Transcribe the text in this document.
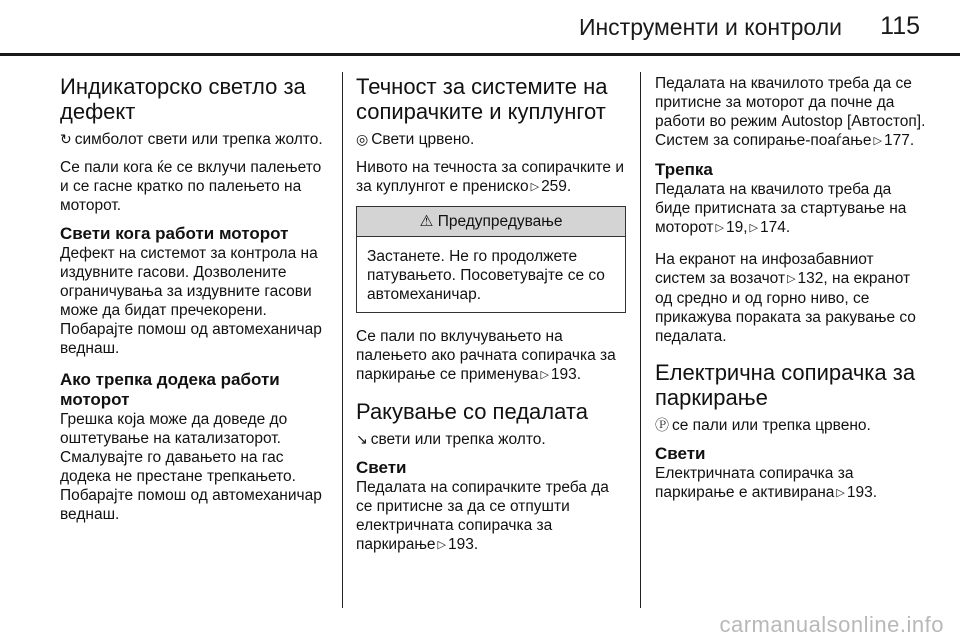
Инструменти и контроли 115
Индикаторско светло за дефект

↻ симболот свети или трепка жолто.

Се пали кога ќе се вклучи палењето и се гасне кратко по палењето на моторот.

Свети кога работи моторот
Дефект на системот за контрола на издувните гасови. Дозволените ограничувања за издувните гасови може да бидат пречекорени. Побарајте помош од автомеханичар веднаш.
Ако трепка додека работи моторот
Грешка која може да доведе до оштетување на катализаторот. Смалувајте го давањето на гас додека не престане трепкањето. Побарајте помош од автомеханичар веднаш.
Течност за системите на сопирачките и куплунгот

◎ Свети црвено.

Нивото на течноста за сопирачките и за куплунгот е прениско ▷ 259.

⚠ Предупредување
Застанете. Не го продолжете патувањето. Посоветувајте се со автомеханичар.

Се пали по вклучувањето на палењето ако рачната сопирачка за паркирање се применува ▷ 193.

Ракување со педалата

↘ свети или трепка жолто.

Свети
Педалата на сопирачките треба да се притисне за да се отпушти електричната сопирачка за паркирање ▷ 193.

Педалата на квачилото треба да се притисне за моторот да почне да работи во режим Autostop [Автостоп]. Систем за сопирање-поаѓање ▷ 177.

Трепка
Педалата на квачилото треба да биде притисната за стартување на моторот ▷ 19, ▷ 174.

На екранот на инфозабавниот систем за возачот ▷ 132, на екранот од средно и од горно ниво, се прикажува пораката за ракување со педалата.

Електрична сопирачка за паркирање

Ⓟ се пали или трепка црвено.

Свети
Електричната сопирачка за паркирање е активирана ▷ 193.
carmanualsonline.info
